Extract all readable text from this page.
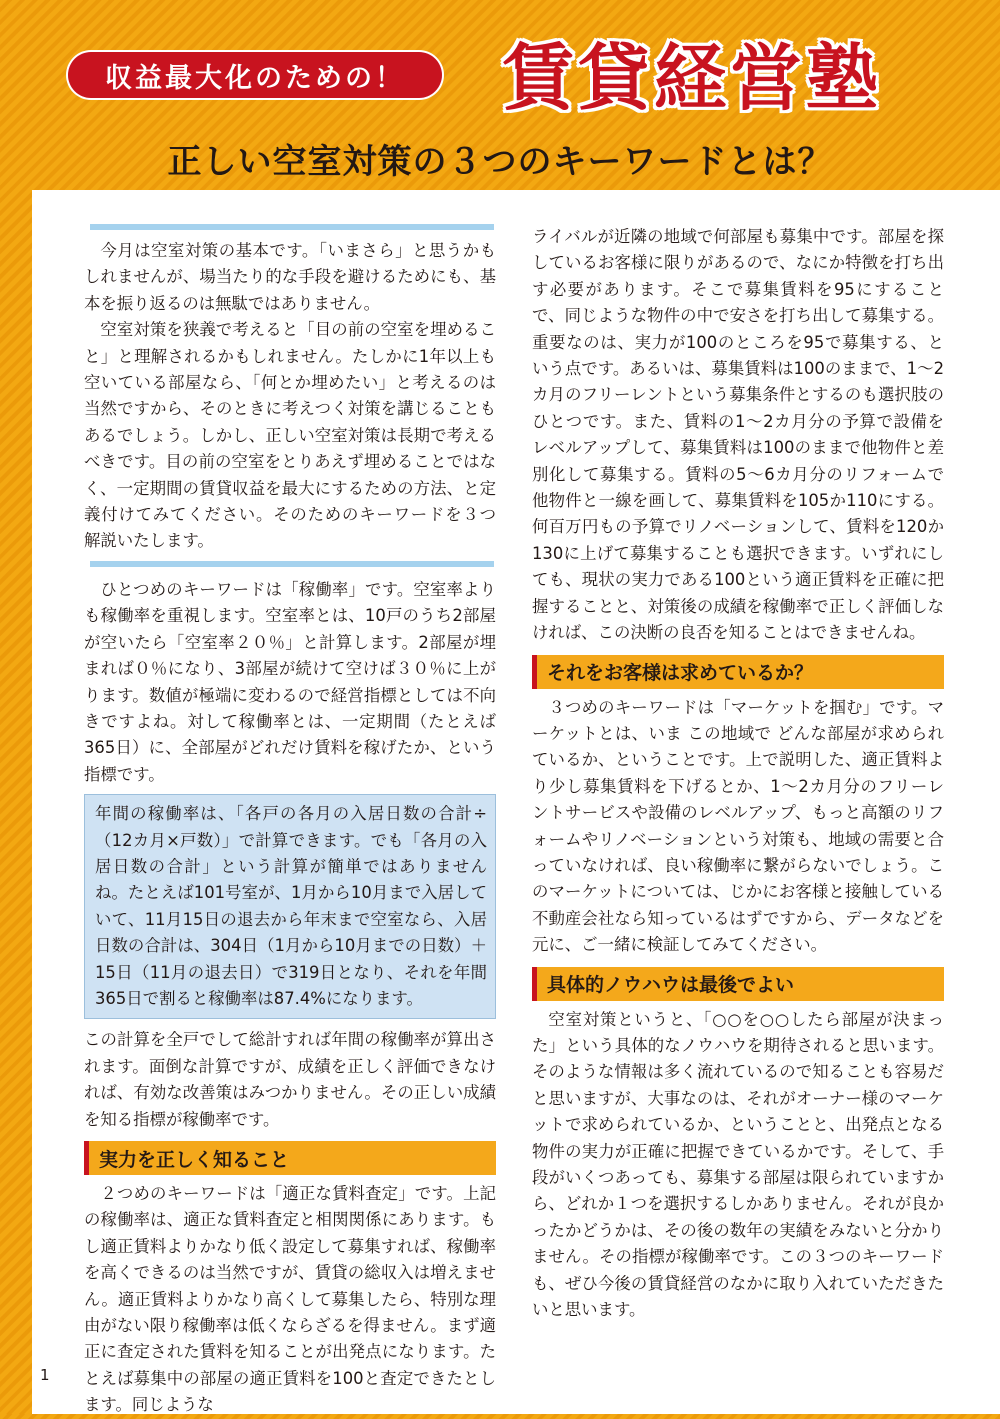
収益最大化のための！	賃貸経営塾
正しい空室対策の３つのキーワードとは？

今月は空室対策の基本です。「いまさら」と思うかもしれませんが、場当たり的な手段を避けるためにも、基本を振り返るのは無駄ではありません。

空室対策を狭義で考えると「目の前の空室を埋めること」と理解されるかもしれません。たしかに1年以上も空いている部屋なら、「何とか埋めたい」と考えるのは当然ですから、そのときに考えつく対策を講じることもあるでしょう。しかし、正しい空室対策は長期で考えるべきです。目の前の空室をとりあえず埋めることではなく、一定期間の賃貸収益を最大にするための方法、と定義付けてみてください。そのためのキーワードを３つ 解説いたします。

ひとつめのキーワードは「稼働率」です。空室率よりも稼働率を重視します。空室率とは、10戸のうち2部屋が空いたら「空室率２０％」と計算します。2部屋が埋まれば０％になり、3部屋が続けて空けば３０％に上がります。数値が極端に変わるので経営指標としては不向きですよね。対して稼働率とは、一定期間（たとえば365日）に、全部屋がどれだけ賃料を稼げたか、という指標です。

年間の稼働率は、「各戸の各月の入居日数の合計÷（12カ月×戸数）」で計算できます。でも「各月の入居日数の合計」という計算が簡単ではありませんね。たとえば101号室が、1月から10月まで入居していて、11月15日の退去から年末まで空室なら、入居日数の合計は、304日（1月から10月までの日数）＋15日（11月の退去日）で319日となり、それを年間365日で割ると稼働率は87.4%になります。

この計算を全戸でして総計すれば年間の稼働率が算出されます。面倒な計算ですが、成績を正しく評価できなければ、有効な改善策はみつかりません。その正しい成績を知る指標が稼働率です。

実力を正しく知ること

２つめのキーワードは「適正な賃料査定」です。上記の稼働率は、適正な賃料査定と相関関係にあります。もし適正賃料よりかなり低く設定して募集すれば、稼働率を高くできるのは当然ですが、賃貸の総収入は増えません。適正賃料よりかなり高くして募集したら、特別な理由がない限り稼働率は低くならざるを得ません。まず適正に査定された賃料を知ることが出発点になります。たとえば募集中の部屋の適正賃料を100と査定できたとします。同じような

ライバルが近隣の地域で何部屋も募集中です。部屋を探しているお客様に限りがあるので、なにか特徴を打ち出す必要があります。そこで募集賃料を95にすることで、同じような物件の中で安さを打ち出して募集する。重要なのは、実力が100のところを95で募集する、という点です。あるいは、募集賃料は100のままで、1～2カ月のフリーレントという募集条件とするのも選択肢のひとつです。また、賃料の1～2カ月分の予算で設備をレベルアップして、募集賃料は100のままで他物件と差別化して募集する。賃料の5～6カ月分のリフォームで他物件と一線を画して、募集賃料を105か110にする。何百万円もの予算でリノベーションして、賃料を120か130に上げて募集することも選択できます。いずれにしても、現状の実力である100という適正賃料を正確に把握することと、対策後の成績を稼働率で正しく評価しなければ、この決断の良否を知ることはできませんね。

それをお客様は求めているか？

３つめのキーワードは「マーケットを掴む」です。マーケットとは、いま この地域で どんな部屋が求められているか、ということです。上で説明した、適正賃料より少し募集賃料を下げるとか、1～2カ月分のフリーレントサービスや設備のレベルアップ、もっと高額のリフォームやリノベーションという対策も、地域の需要と合っていなければ、良い稼働率に繋がらないでしょう。このマーケットについては、じかにお客様と接触している不動産会社なら知っているはずですから、データなどを元に、ご一緒に検証してみてください。

具体的ノウハウは最後でよい

空室対策というと、「○○を○○したら部屋が決まった」という具体的なノウハウを期待されると思います。そのような情報は多く流れているので知ることも容易だと思いますが、大事なのは、それがオーナー様のマーケットで求められているか、ということと、出発点となる物件の実力が正確に把握できているかです。そして、手段がいくつあっても、募集する部屋は限られていますから、どれか１つを選択するしかありません。それが良かったかどうかは、その後の数年の実績をみないと分かりません。その指標が稼働率です。この３つのキーワードも、ぜひ今後の賃貸経営のなかに取り入れていただきたいと思います。

1
